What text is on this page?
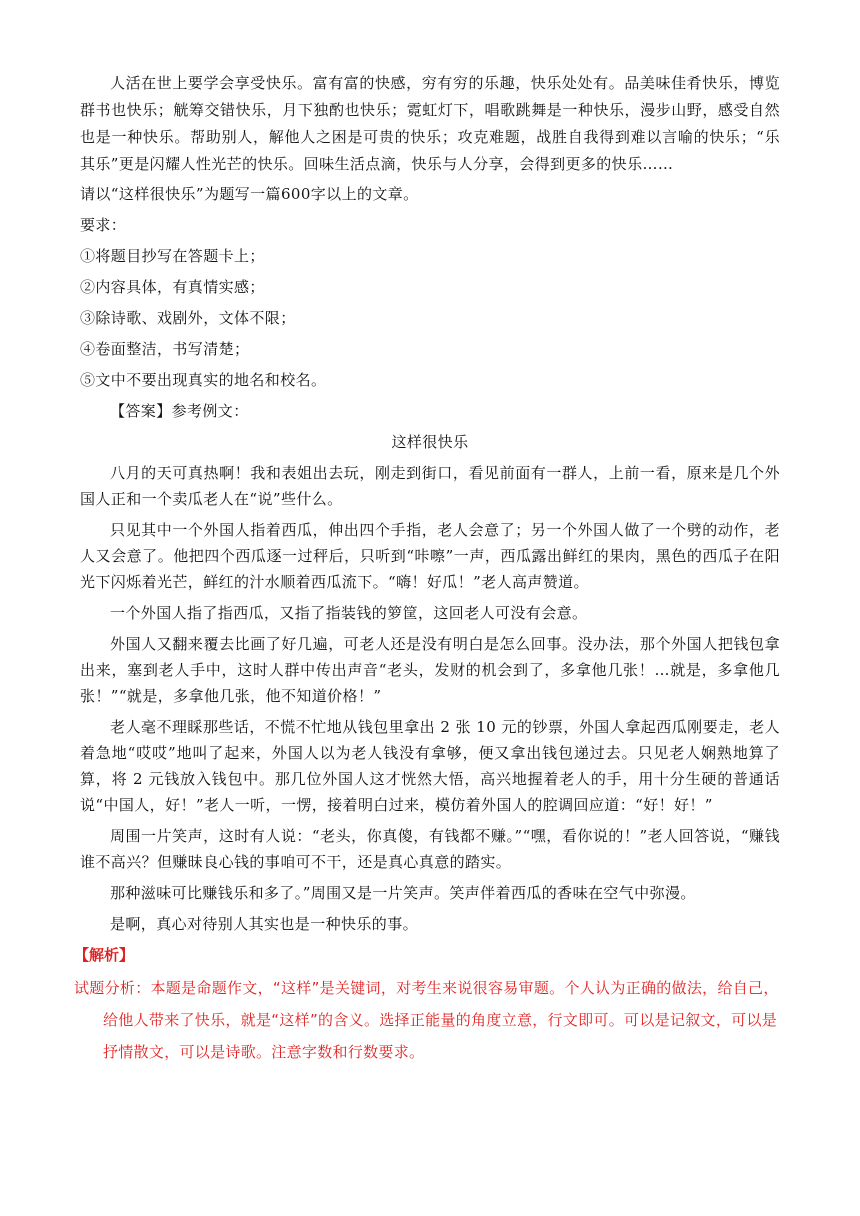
人活在世上要学会享受快乐。富有富的快感，穷有穷的乐趣，快乐处处有。品美味佳肴快乐，博览群书也快乐；觥筹交错快乐，月下独酌也快乐；霓虹灯下，唱歌跳舞是一种快乐，漫步山野，感受自然也是一种快乐。帮助别人，解他人之困是可贵的快乐；攻克难题，战胜自我得到难以言喻的快乐；“乐其乐”更是闪耀人性光芒的快乐。回味生活点滴，快乐与人分享，会得到更多的快乐……

请以“这样很快乐”为题写一篇600字以上的文章。

要求：

①将题目抄写在答题卡上；

②内容具体，有真情实感；

③除诗歌、戏剧外，文体不限；

④卷面整洁，书写清楚；

⑤文中不要出现真实的地名和校名。

【答案】参考例文：

这样很快乐

八月的天可真热啊！我和表姐出去玩，刚走到街口，看见前面有一群人，上前一看，原来是几个外国人正和一个卖瓜老人在“说”些什么。

只见其中一个外国人指着西瓜，伸出四个手指，老人会意了；另一个外国人做了一个劈的动作，老人又会意了。他把四个西瓜逐一过秤后，只听到“咔嚓”一声，西瓜露出鲜红的果肉，黑色的西瓜子在阳光下闪烁着光芒，鲜红的汁水顺着西瓜流下。“嗨！好瓜！”老人高声赞道。

一个外国人指了指西瓜，又指了指装钱的箩筐，这回老人可没有会意。

外国人又翻来覆去比画了好几遍，可老人还是没有明白是怎么回事。没办法，那个外国人把钱包拿出来，塞到老人手中，这时人群中传出声音“老头，发财的机会到了，多拿他几张！…就是，多拿他几张！”“就是，多拿他几张，他不知道价格！”

老人毫不理睬那些话，不慌不忙地从钱包里拿出 2 张 10 元的钞票，外国人拿起西瓜刚要走，老人着急地“哎哎”地叫了起来，外国人以为老人钱没有拿够，便又拿出钱包递过去。只见老人娴熟地算了算，将 2 元钱放入钱包中。那几位外国人这才恍然大悟，高兴地握着老人的手，用十分生硬的普通话说“中国人，好！”老人一听，一愣，接着明白过来，模仿着外国人的腔调回应道：“好！好！”

周围一片笑声，这时有人说：“老头，你真傻，有钱都不赚。”“嘿，看你说的！”老人回答说，“赚钱谁不高兴？但赚昧良心钱的事咱可不干，还是真心真意的踏实。

那种滋味可比赚钱乐和多了。”周围又是一片笑声。笑声伴着西瓜的香味在空气中弥漫。

是啊，真心对待别人其实也是一种快乐的事。

【解析】

试题分析：本题是命题作文，“这样”是关键词，对考生来说很容易审题。个人认为正确的做法，给自己，给他人带来了快乐，就是“这样”的含义。选择正能量的角度立意，行文即可。可以是记叙文，可以是抒情散文，可以是诗歌。注意字数和行数要求。
